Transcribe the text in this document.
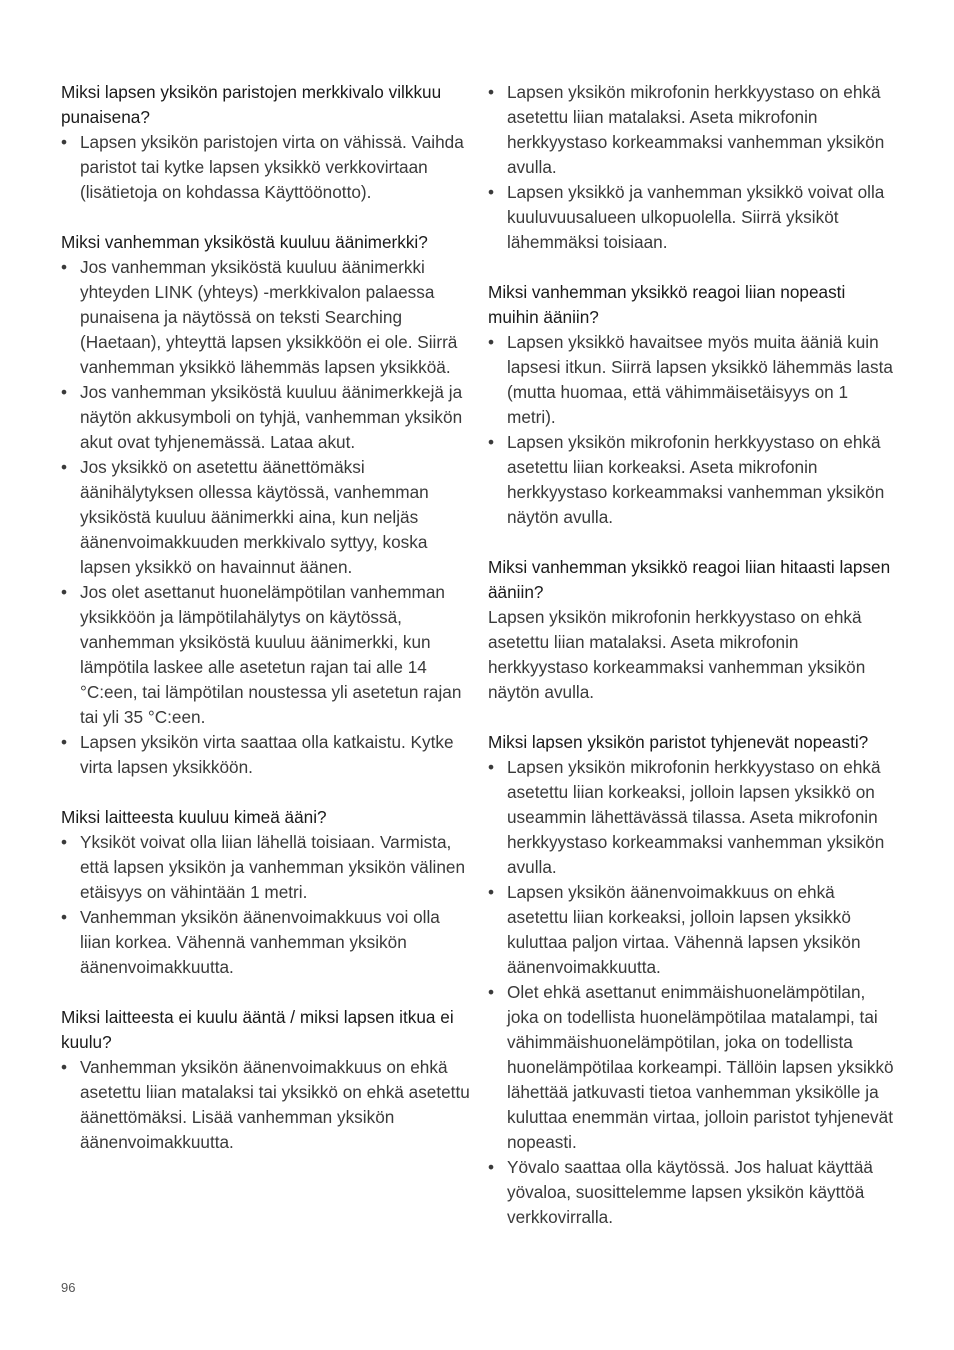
Miksi lapsen yksikön paristojen merkkivalo vilkkuu punaisena?

• Lapsen yksikön paristojen virta on vähissä. Vaihda paristot tai kytke lapsen yksikkö verkkovirtaan (lisätietoja on kohdassa Käyttöönotto).

Miksi vanhemman yksiköstä kuuluu äänimerkki?

• Jos vanhemman yksiköstä kuuluu äänimerkki yhteyden LINK (yhteys) -merkkivalon palaessa punaisena ja näytössä on teksti Searching (Haetaan), yhteyttä lapsen yksikköön ei ole. Siirrä vanhemman yksikkö lähemmäs lapsen yksikköä.
• Jos vanhemman yksiköstä kuuluu äänimerkkejä ja näytön akkusymboli on tyhjä, vanhemman yksikön akut ovat tyhjenemässä. Lataa akut.
• Jos yksikkö on asetettu äänettömäksi äänihälytyksen ollessa käytössä, vanhemman yksiköstä kuuluu äänimerkki aina, kun neljäs äänenvoimakkuuden merkkivalo syttyy, koska lapsen yksikkö on havainnut äänen.
• Jos olet asettanut huonelämpötilan vanhemman yksikköön ja lämpötilahälytys on käytössä, vanhemman yksiköstä kuuluu äänimerkki, kun lämpötila laskee alle asetetun rajan tai alle 14 °C:een, tai lämpötilan noustessa yli asetetun rajan tai yli 35 °C:een.
• Lapsen yksikön virta saattaa olla katkaistu. Kytke virta lapsen yksikköön.

Miksi laitteesta kuuluu kimeä ääni?

• Yksiköt voivat olla liian lähellä toisiaan. Varmista, että lapsen yksikön ja vanhemman yksikön välinen etäisyys on vähintään 1 metri.
• Vanhemman yksikön äänenvoimakkuus voi olla liian korkea. Vähennä vanhemman yksikön äänenvoimakkuutta.

Miksi laitteesta ei kuulu ääntä / miksi lapsen itkua ei kuulu?

• Vanhemman yksikön äänenvoimakkuus on ehkä asetettu liian matalaksi tai yksikkö on ehkä asetettu äänettömäksi. Lisää vanhemman yksikön äänenvoimakkuutta.
• Lapsen yksikön mikrofonin herkkyystaso on ehkä asetettu liian matalaksi. Aseta mikrofonin herkkyystaso korkeammaksi vanhemman yksikön avulla.
• Lapsen yksikkö ja vanhemman yksikkö voivat olla kuuluvuusalueen ulkopuolella. Siirrä yksiköt lähemmäksi toisiaan.

Miksi vanhemman yksikkö reagoi liian nopeasti muihin ääniin?

• Lapsen yksikkö havaitsee myös muita ääniä kuin lapsesi itkun. Siirrä lapsen yksikkö lähemmäs lasta (mutta huomaa, että vähimmäisetäisyys on 1 metri).
• Lapsen yksikön mikrofonin herkkyystaso on ehkä asetettu liian korkeaksi. Aseta mikrofonin herkkyystaso korkeammaksi vanhemman yksikön näytön avulla.

Miksi vanhemman yksikkö reagoi liian hitaasti lapsen ääniin?

Lapsen yksikön mikrofonin herkkyystaso on ehkä asetettu liian matalaksi. Aseta mikrofonin herkkyystaso korkeammaksi vanhemman yksikön näytön avulla.

Miksi lapsen yksikön paristot tyhjenevät nopeasti?

• Lapsen yksikön mikrofonin herkkyystaso on ehkä asetettu liian korkeaksi, jolloin lapsen yksikkö on useammin lähettävässä tilassa. Aseta mikrofonin herkkyystaso korkeammaksi vanhemman yksikön avulla.
• Lapsen yksikön äänenvoimakkuus on ehkä asetettu liian korkeaksi, jolloin lapsen yksikkö kuluttaa paljon virtaa. Vähennä lapsen yksikön äänenvoimakkuutta.
• Olet ehkä asettanut enimmäishuonelämpötilan, joka on todellista huonelämpötilaa matalampi, tai vähimmäishuonelämpötilan, joka on todellista huonelämpötilaa korkeampi. Tällöin lapsen yksikkö lähettää jatkuvasti tietoa vanhemman yksikölle ja kuluttaa enemmän virtaa, jolloin paristot tyhjenevät nopeasti.
• Yövalo saattaa olla käytössä. Jos haluat käyttää yövaloa, suosittelemme lapsen yksikön käyttöä verkkovirralla.
96
